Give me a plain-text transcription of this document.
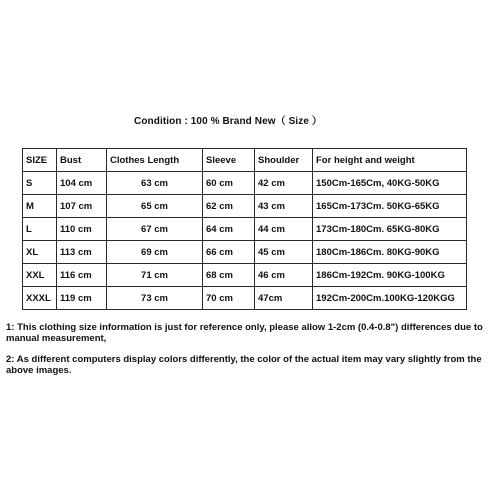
Condition : 100 % Brand New（ Size ）
SIZE	Bust	Clothes Length	Sleeve	Shoulder	For height and weight
S	104 cm	63 cm	60 cm	42 cm	150Cm-165Cm, 40KG-50KG
M	107 cm	65 cm	62 cm	43 cm	165Cm-173Cm. 50KG-65KG
L	110 cm	67 cm	64 cm	44 cm	173Cm-180Cm. 65KG-80KG
XL	113 cm	69 cm	66 cm	45 cm	180Cm-186Cm. 80KG-90KG
XXL	116 cm	71 cm	68 cm	46 cm	186Cm-192Cm. 90KG-100KG
XXXL	119 cm	73 cm	70 cm	47cm	192Cm-200Cm.100KG-120KGG
1: This clothing size information is just for reference only, please allow 1-2cm (0.4-0.8") differences due to manual measurement,
2: As different computers display colors differently, the color of the actual item may vary slightly from the above images.
